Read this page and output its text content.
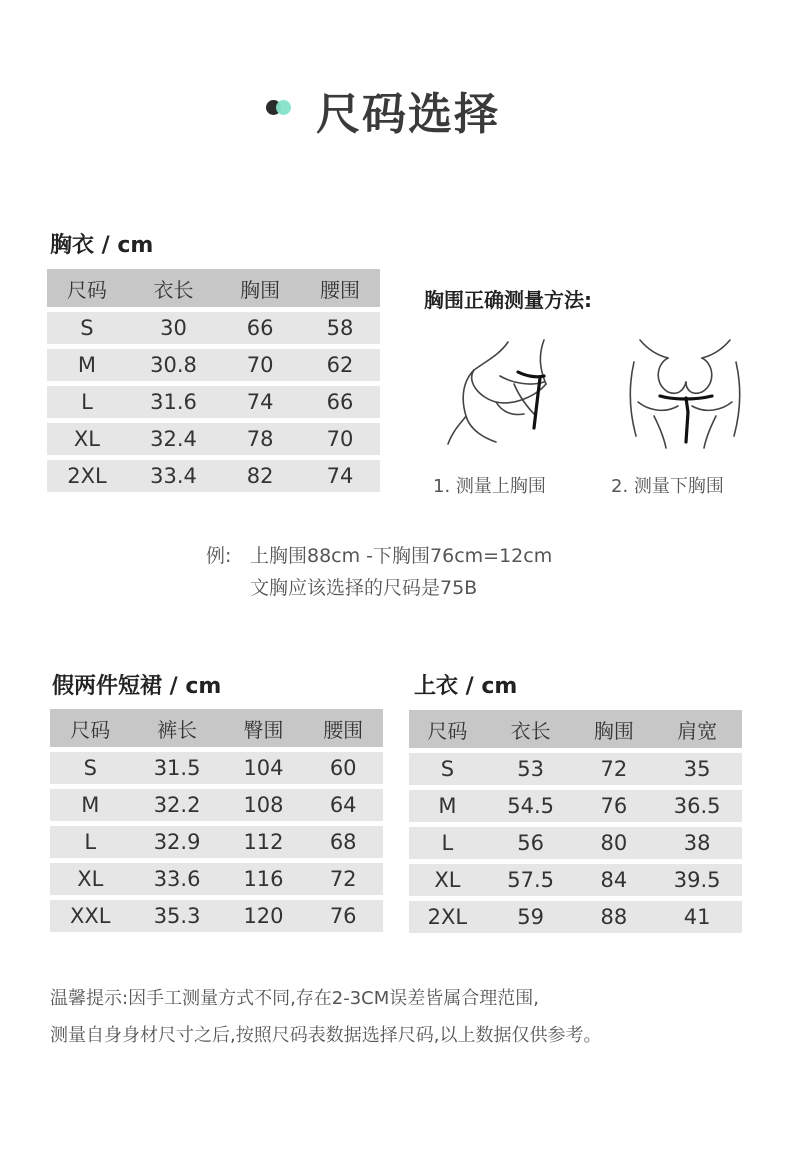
尺码选择
胸衣 / cm
尺码	衣长	胸围	腰围
S	30	66	58
M	30.8	70	62
L	31.6	74	66
XL	32.4	78	70
2XL	33.4	82	74
胸围正确测量方法:
1. 测量上胸围	2. 测量下胸围
例: 上胸围88cm -下胸围76cm=12cm
文胸应该选择的尺码是75B
假两件短裙 / cm
尺码	裤长	臀围	腰围
S	31.5	104	60
M	32.2	108	64
L	32.9	112	68
XL	33.6	116	72
XXL	35.3	120	76
上衣 / cm
尺码	衣长	胸围	肩宽
S	53	72	35
M	54.5	76	36.5
L	56	80	38
XL	57.5	84	39.5
2XL	59	88	41
温馨提示:因手工测量方式不同,存在2-3CM误差皆属合理范围,
测量自身身材尺寸之后,按照尺码表数据选择尺码,以上数据仅供参考。
